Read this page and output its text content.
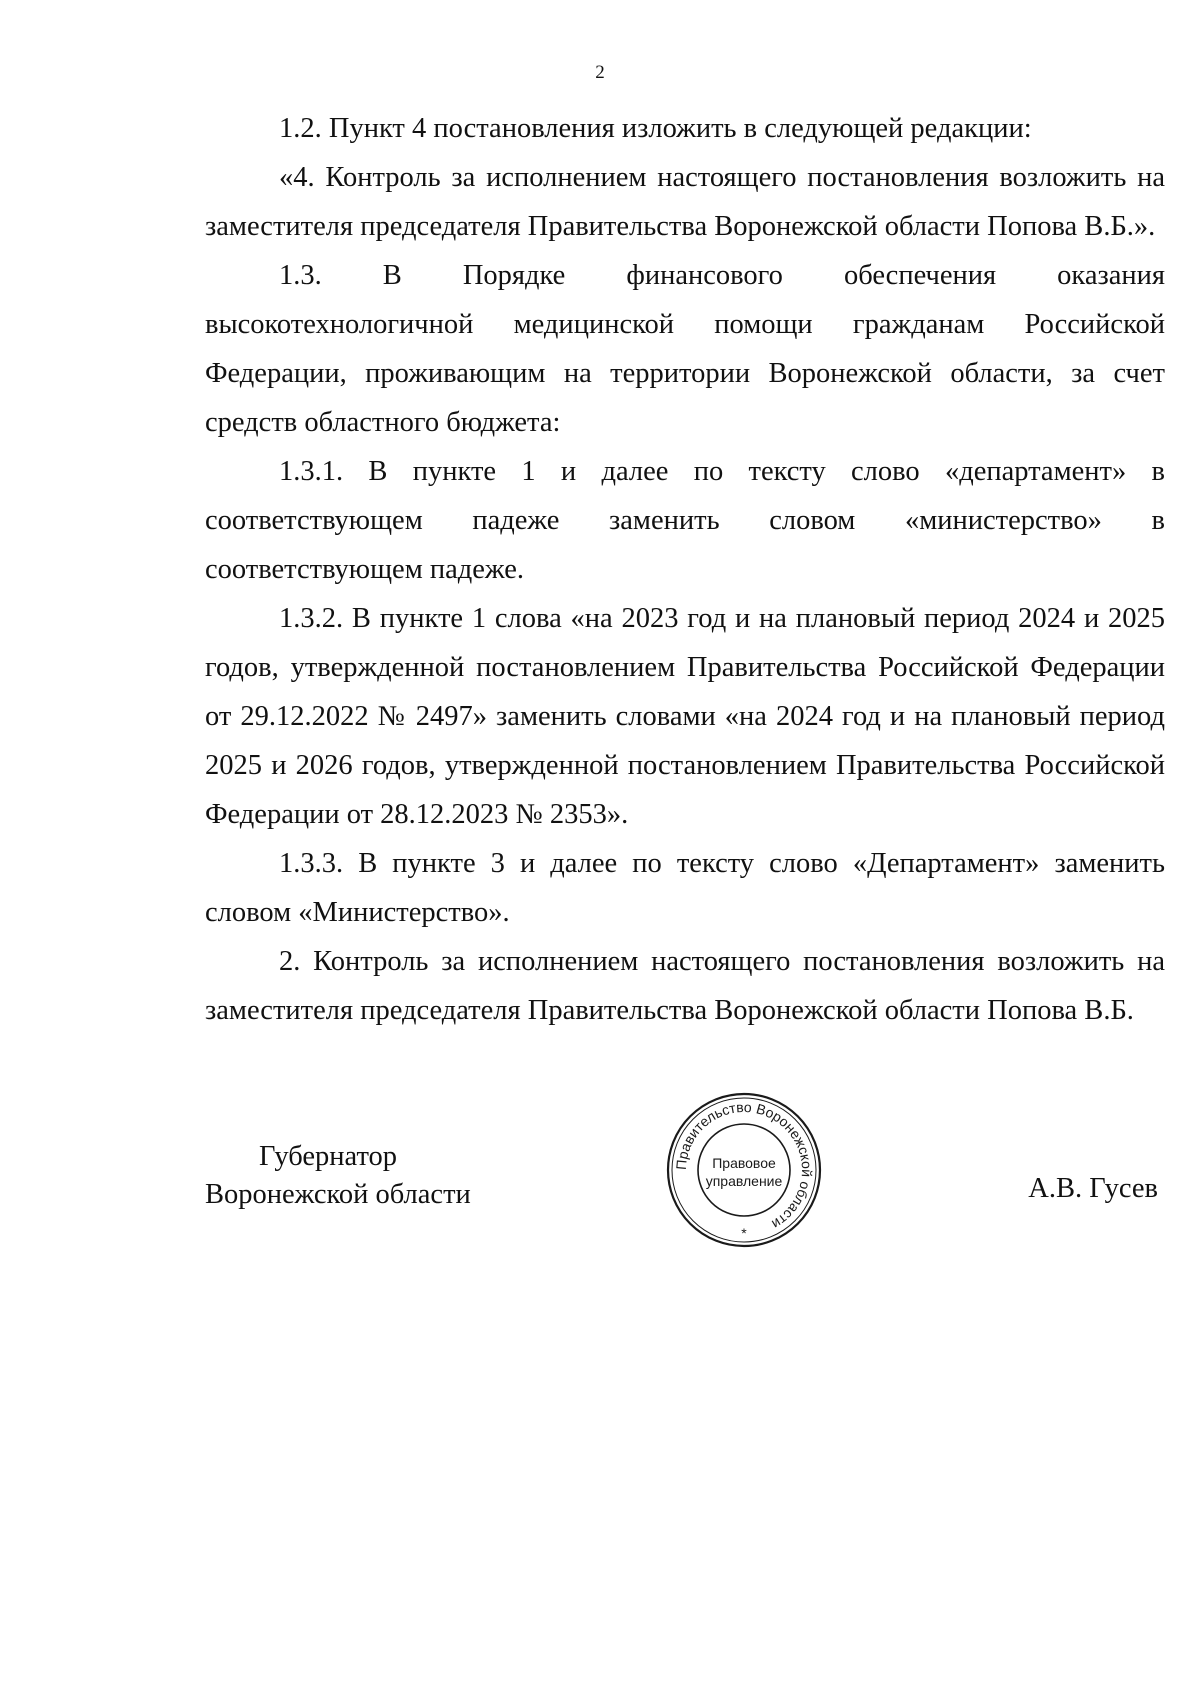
2

1.2. Пункт 4 постановления изложить в следующей редакции:

«4. Контроль за исполнением настоящего постановления возложить на заместителя председателя Правительства Воронежской области Попова В.Б.».

1.3. В Порядке финансового обеспечения оказания высокотехнологичной медицинской помощи гражданам Российской Федерации, проживающим на территории Воронежской области, за счет средств областного бюджета:

1.3.1. В пункте 1 и далее по тексту слово «департамент» в соответствующем падеже заменить словом «министерство» в соответствующем падеже.

1.3.2. В пункте 1 слова «на 2023 год и на плановый период 2024 и 2025 годов, утвержденной постановлением Правительства Российской Федерации от 29.12.2022 № 2497» заменить словами «на 2024 год и на плановый период 2025 и 2026 годов, утвержденной постановлением Правительства Российской Федерации от 28.12.2023 № 2353».

1.3.3. В пункте 3 и далее по тексту слово «Департамент» заменить словом «Министерство».

2. Контроль за исполнением настоящего постановления возложить на заместителя председателя Правительства Воронежской области Попова В.Б.

Губернатор
Воронежской области
Правительство Воронежской области
Правовое
управление
*
А.В. Гусев
